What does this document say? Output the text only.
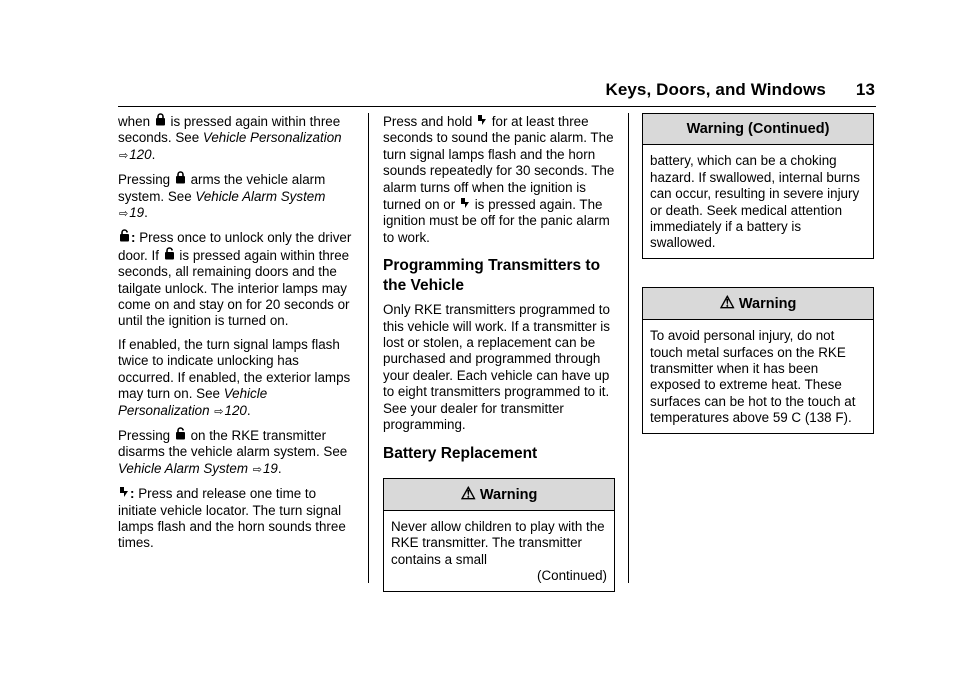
Keys, Doors, and Windows 13

when is pressed again within three seconds. See Vehicle Personalization ⇨120.

Pressing arms the vehicle alarm system. See Vehicle Alarm System ⇨19.

: Press once to unlock only the driver door. If is pressed again within three seconds, all remaining doors and the tailgate unlock. The interior lamps may come on and stay on for 20 seconds or until the ignition is turned on.

If enabled, the turn signal lamps flash twice to indicate unlocking has occurred. If enabled, the exterior lamps may turn on. See Vehicle Personalization ⇨120.

Pressing on the RKE transmitter disarms the vehicle alarm system. See Vehicle Alarm System ⇨19.

: Press and release one time to initiate vehicle locator. The turn signal lamps flash and the horn sounds three times.

Press and hold for at least three seconds to sound the panic alarm. The turn signal lamps flash and the horn sounds repeatedly for 30 seconds. The alarm turns off when the ignition is turned on or is pressed again. The ignition must be off for the panic alarm to work.

Programming Transmitters to the Vehicle

Only RKE transmitters programmed to this vehicle will work. If a transmitter is lost or stolen, a replacement can be purchased and programmed through your dealer. Each vehicle can have up to eight transmitters programmed to it. See your dealer for transmitter programming.

Battery Replacement
⚠ Warning
Never allow children to play with the RKE transmitter. The transmitter contains a small
(Continued)
Warning (Continued)
battery, which can be a choking hazard. If swallowed, internal burns can occur, resulting in severe injury or death. Seek medical attention immediately if a battery is swallowed.
⚠ Warning
To avoid personal injury, do not touch metal surfaces on the RKE transmitter when it has been exposed to extreme heat. These surfaces can be hot to the touch at temperatures above 59 C (138 F).
